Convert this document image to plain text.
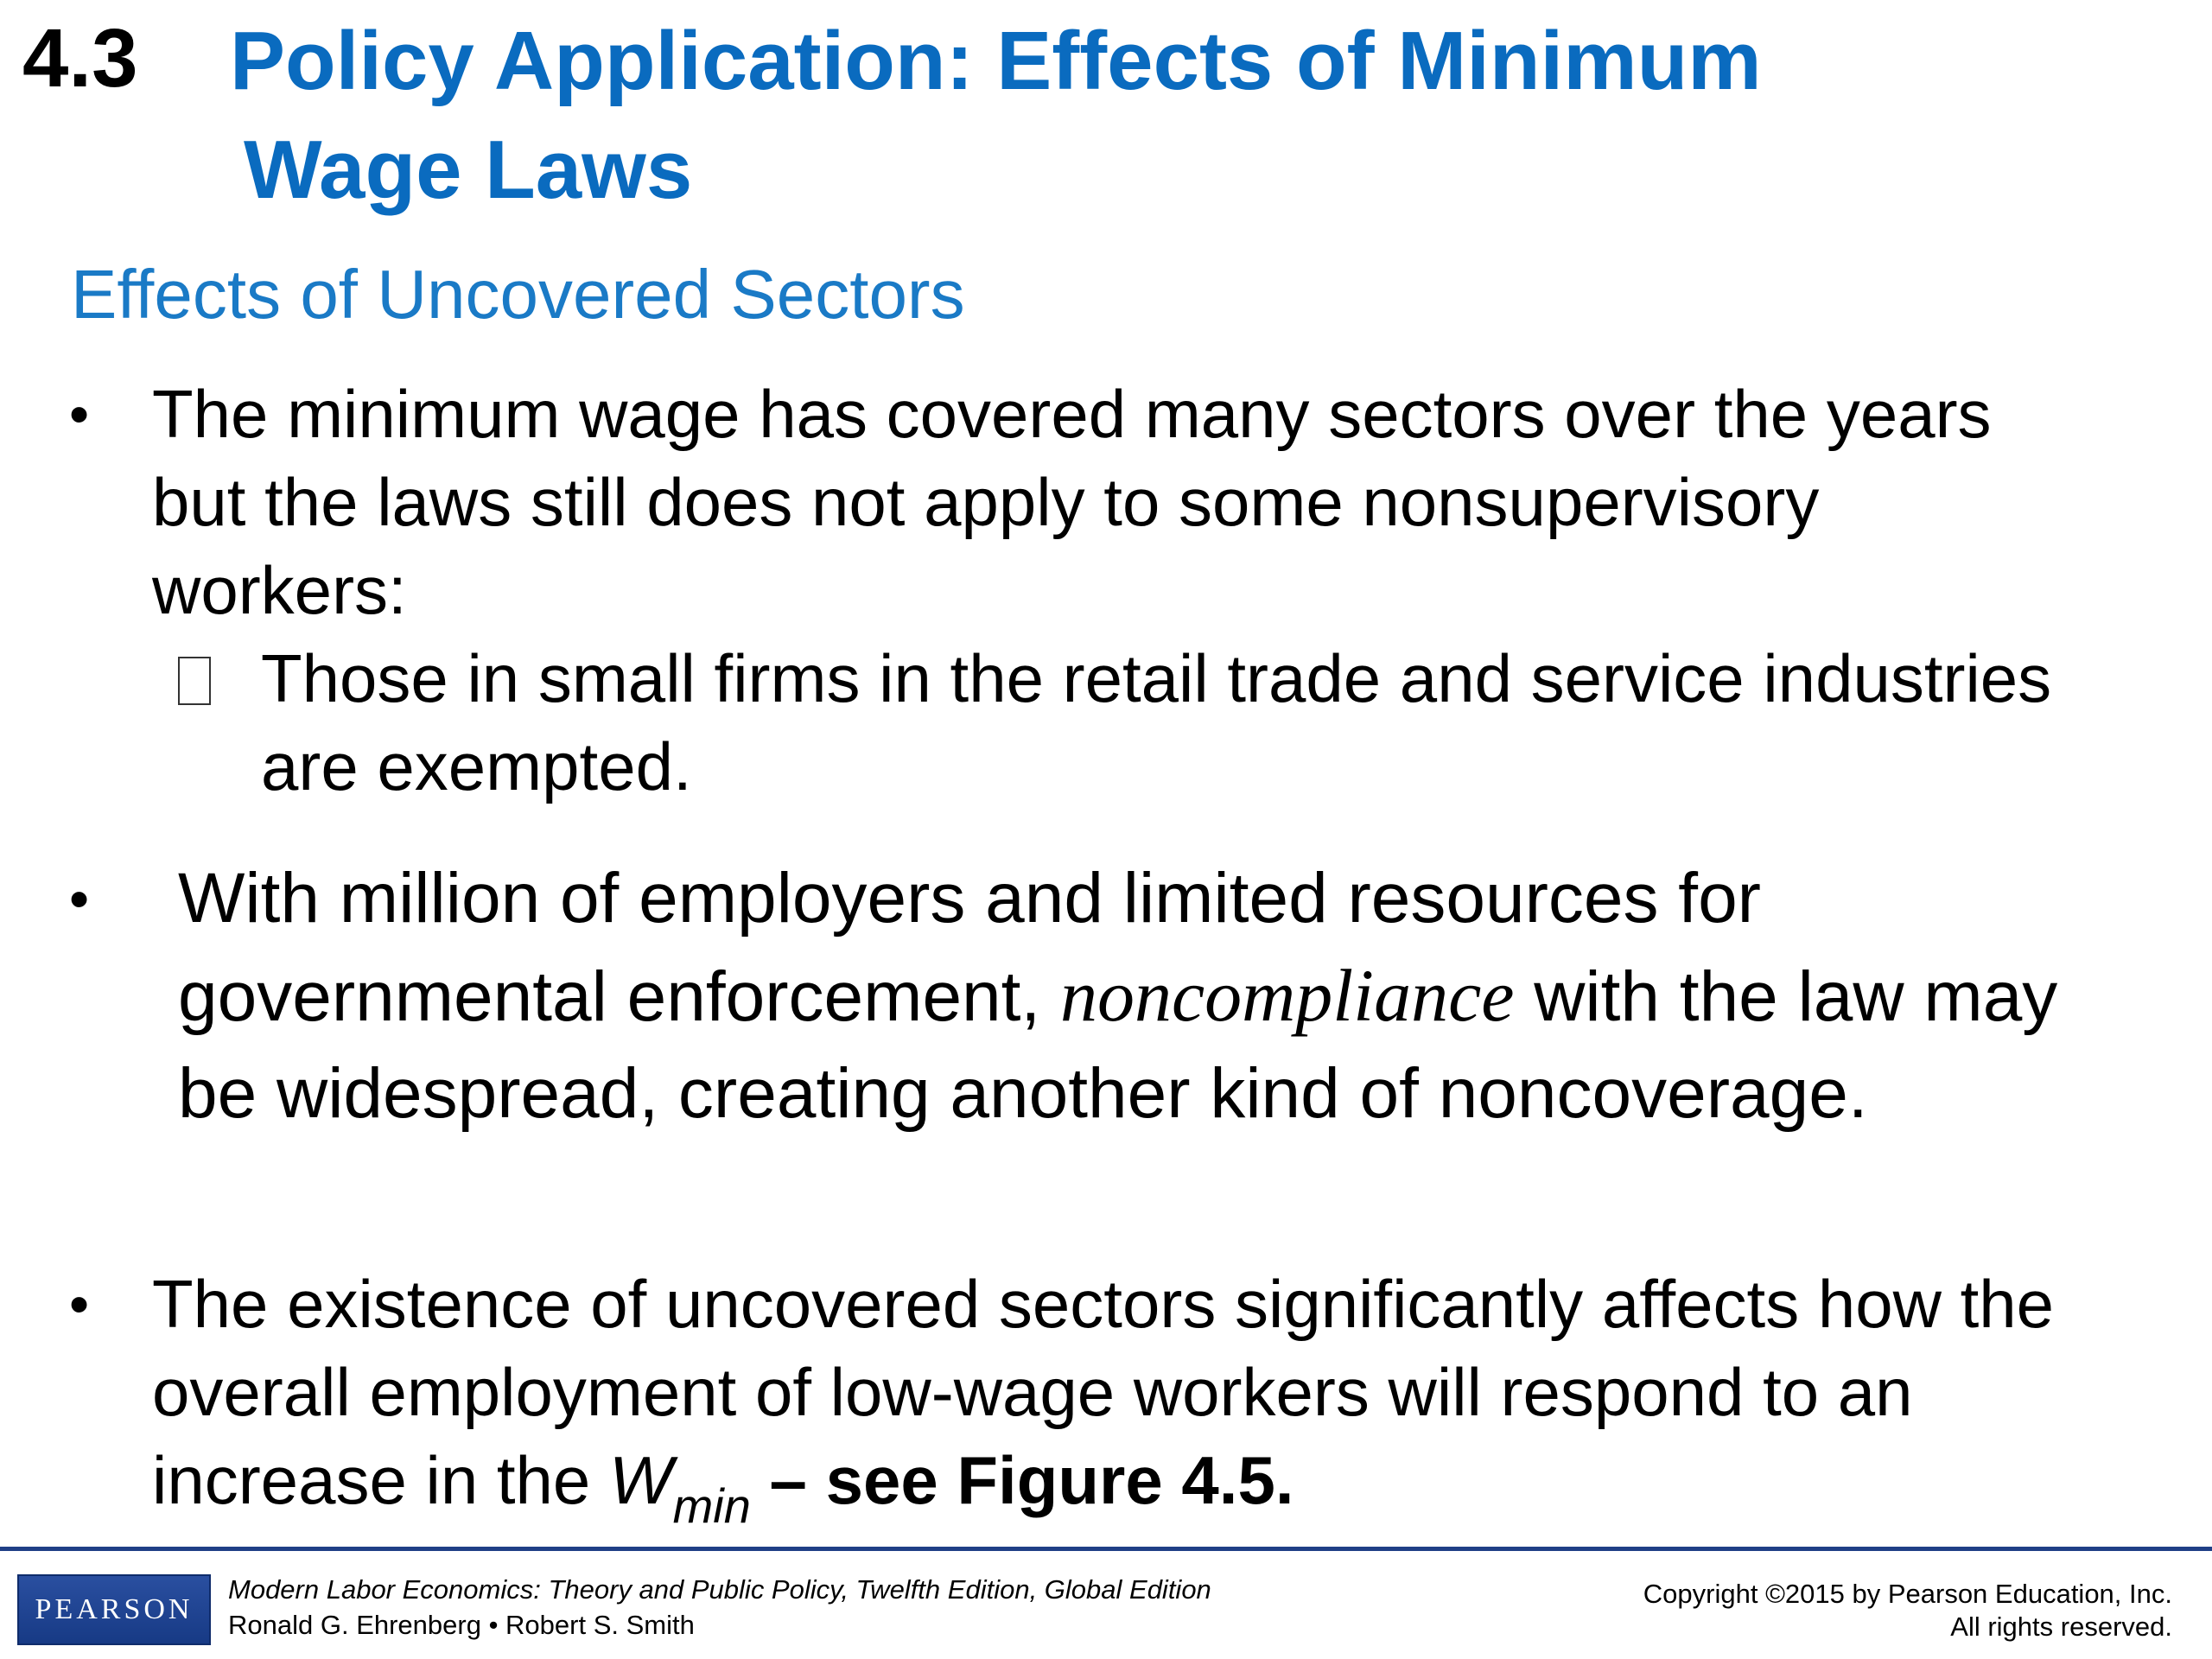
4.3 Policy Application: Effects of Minimum
Wage Laws
Effects of Uncovered Sectors
• The minimum wage has covered many sectors over the years but the laws still does not apply to some nonsupervisory workers:
Those in small firms in the retail trade and service industries are exempted.
• With million of employers and limited resources for governmental enforcement, noncompliance with the law may be widespread, creating another kind of noncoverage.
• The existence of uncovered sectors significantly affects how the overall employment of low-wage workers will respond to an increase in the $W_{min}$ – see Figure 4.5.
PEARSON
Modern Labor Economics: Theory and Public Policy, Twelfth Edition, Global Edition
Ronald G. Ehrenberg • Robert S. Smith
Copyright ©2015 by Pearson Education, Inc.
All rights reserved.
